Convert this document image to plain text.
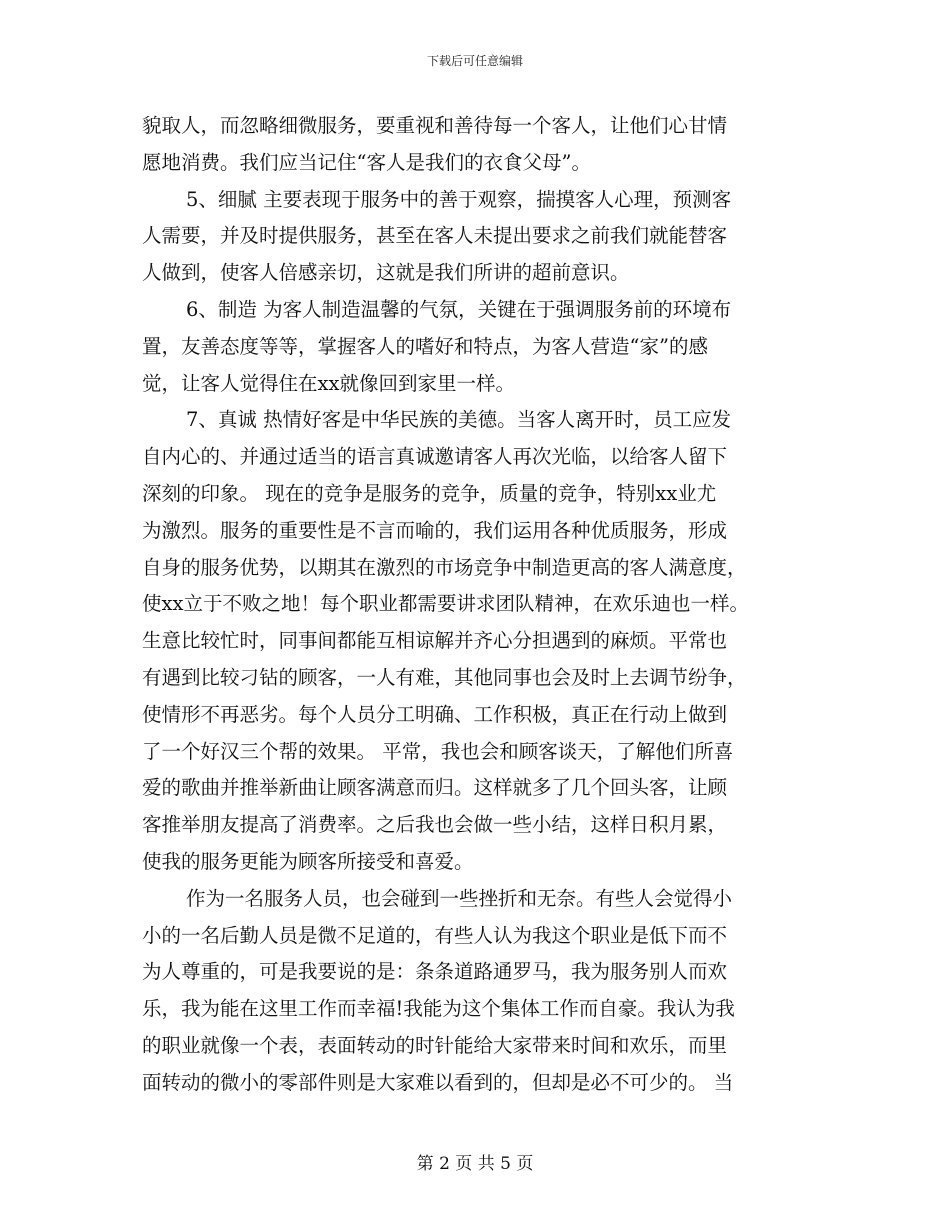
下载后可任意编辑
貌取人，而忽略细微服务，要重视和善待每一个客人，让他们心甘情
愿地消费。我们应当记住“客人是我们的衣食父母”。
5、细腻 主要表现于服务中的善于观察，揣摸客人心理，预测客
人需要，并及时提供服务，甚至在客人未提出要求之前我们就能替客
人做到，使客人倍感亲切，这就是我们所讲的超前意识。
6、制造 为客人制造温馨的气氛，关键在于强调服务前的环境布
置，友善态度等等，掌握客人的嗜好和特点，为客人营造“家”的感
觉，让客人觉得住在xx就像回到家里一样。
7、真诚 热情好客是中华民族的美德。当客人离开时，员工应发
自内心的、并通过适当的语言真诚邀请客人再次光临，以给客人留下
深刻的印象。 现在的竞争是服务的竞争，质量的竞争，特别xx业尤
为激烈。服务的重要性是不言而喻的，我们运用各种优质服务，形成
自身的服务优势，以期其在激烈的市场竞争中制造更高的客人满意度，
使xx立于不败之地！每个职业都需要讲求团队精神，在欢乐迪也一样。
生意比较忙时，同事间都能互相谅解并齐心分担遇到的麻烦。平常也
有遇到比较刁钻的顾客，一人有难，其他同事也会及时上去调节纷争，
使情形不再恶劣。每个人员分工明确、工作积极，真正在行动上做到
了一个好汉三个帮的效果。 平常，我也会和顾客谈天，了解他们所喜
爱的歌曲并推举新曲让顾客满意而归。这样就多了几个回头客，让顾
客推举朋友提高了消费率。之后我也会做一些小结，这样日积月累，
使我的服务更能为顾客所接受和喜爱。
作为一名服务人员，也会碰到一些挫折和无奈。有些人会觉得小
小的一名后勤人员是微不足道的，有些人认为我这个职业是低下而不
为人尊重的，可是我要说的是：条条道路通罗马，我为服务别人而欢
乐，我为能在这里工作而幸福!我能为这个集体工作而自豪。我认为我
的职业就像一个表，表面转动的时针能给大家带来时间和欢乐，而里
面转动的微小的零部件则是大家难以看到的，但却是必不可少的。 当
第 2 页 共 5 页
